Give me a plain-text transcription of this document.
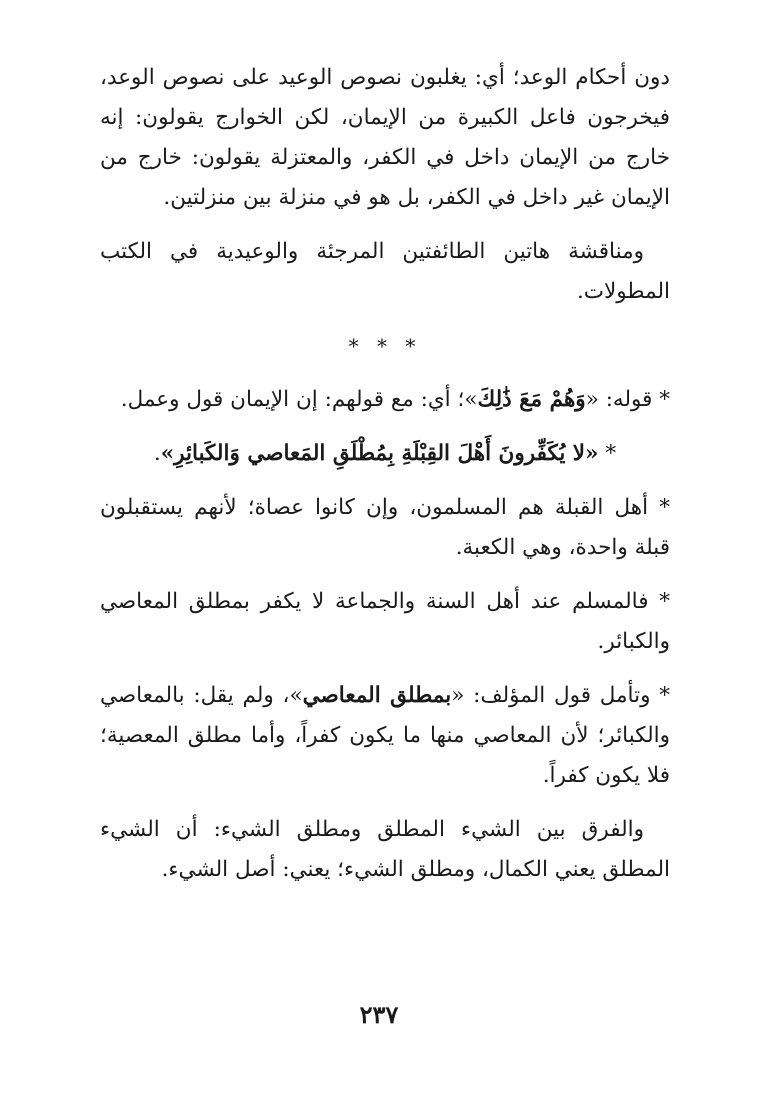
دون أحكام الوعد؛ أي: يغلبون نصوص الوعيد على نصوص الوعد، فيخرجون فاعل الكبيرة من الإيمان، لكن الخوارج يقولون: إنه خارج من الإيمان داخل في الكفر، والمعتزلة يقولون: خارج من الإيمان غير داخل في الكفر، بل هو في منزلة بين منزلتين.

ومناقشة هاتين الطائفتين المرجئة والوعيدية في الكتب المطولات.

* * *

* قوله: «وَهُمْ مَعَ ذَٰلِكَ»؛ أي: مع قولهم: إن الإيمان قول وعمل.

* «لا يُكَفِّرونَ أَهْلَ القِبْلَةِ بِمُطْلَقِ المَعاصي وَالكَبائِرِ».

* أهل القبلة هم المسلمون، وإن كانوا عصاة؛ لأنهم يستقبلون قبلة واحدة، وهي الكعبة.

* فالمسلم عند أهل السنة والجماعة لا يكفر بمطلق المعاصي والكبائر.

* وتأمل قول المؤلف: «بمطلق المعاصي»، ولم يقل: بالمعاصي والكبائر؛ لأن المعاصي منها ما يكون كفراً، وأما مطلق المعصية؛ فلا يكون كفراً.

والفرق بين الشيء المطلق ومطلق الشيء: أن الشيء المطلق يعني الكمال، ومطلق الشيء؛ يعني: أصل الشيء.

٢٣٧
